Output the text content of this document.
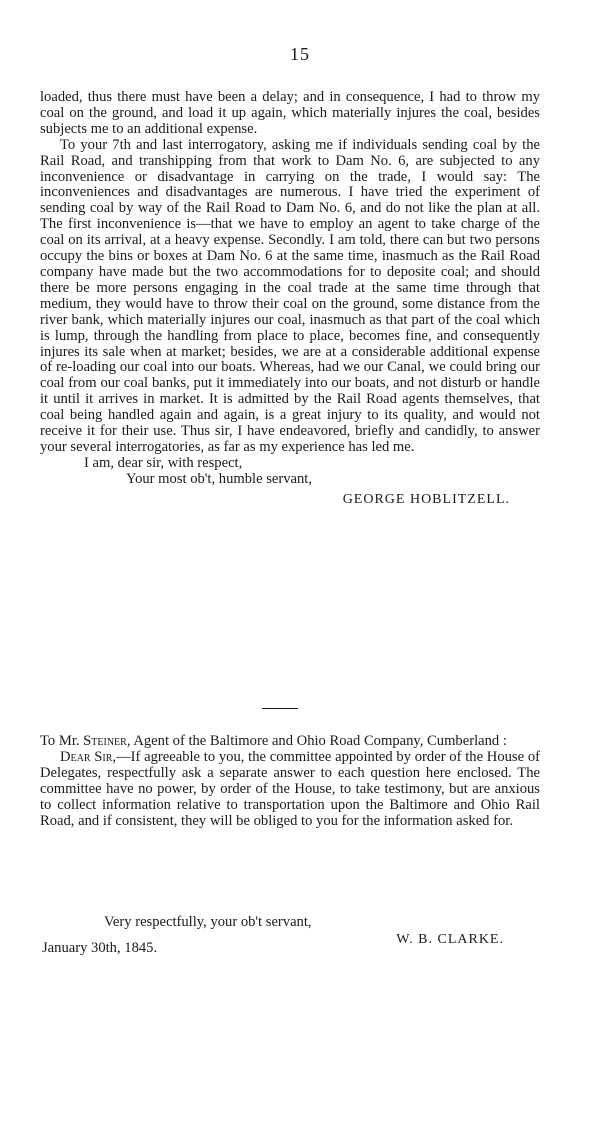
15

loaded, thus there must have been a delay; and in consequence, I had to throw my coal on the ground, and load it up again, which materially injures the coal, besides subjects me to an additional expense.

To your 7th and last interrogatory, asking me if individuals sending coal by the Rail Road, and transhipping from that work to Dam No. 6, are subjected to any inconvenience or disadvantage in carrying on the trade, I would say: The inconveniences and disadvantages are numerous. I have tried the experiment of sending coal by way of the Rail Road to Dam No. 6, and do not like the plan at all. The first inconvenience is—that we have to employ an agent to take charge of the coal on its arrival, at a heavy expense. Secondly. I am told, there can but two persons occupy the bins or boxes at Dam No. 6 at the same time, inasmuch as the Rail Road company have made but the two accommodations for to deposite coal; and should there be more persons engaging in the coal trade at the same time through that medium, they would have to throw their coal on the ground, some distance from the river bank, which materially injures our coal, inasmuch as that part of the coal which is lump, through the handling from place to place, becomes fine, and consequently injures its sale when at market; besides, we are at a considerable additional expense of re-loading our coal into our boats. Whereas, had we our Canal, we could bring our coal from our coal banks, put it immediately into our boats, and not disturb or handle it until it arrives in market. It is admitted by the Rail Road agents themselves, that coal being handled again and again, is a great injury to its quality, and would not receive it for their use. Thus sir, I have endeavored, briefly and candidly, to answer your several interrogatories, as far as my experience has led me.

I am, dear sir, with respect,

Your most ob't, humble servant,

GEORGE HOBLITZELL.

To Mr. Steiner, Agent of the Baltimore and Ohio Road Company, Cumberland :

Dear Sir,—If agreeable to you, the committee appointed by order of the House of Delegates, respectfully ask a separate answer to each question here enclosed. The committee have no power, by order of the House, to take testimony, but are anxious to collect information relative to transportation upon the Baltimore and Ohio Rail Road, and if consistent, they will be obliged to you for the information asked for.

Very respectfully, your ob't servant,
W. B. CLARKE.
January 30th, 1845.
